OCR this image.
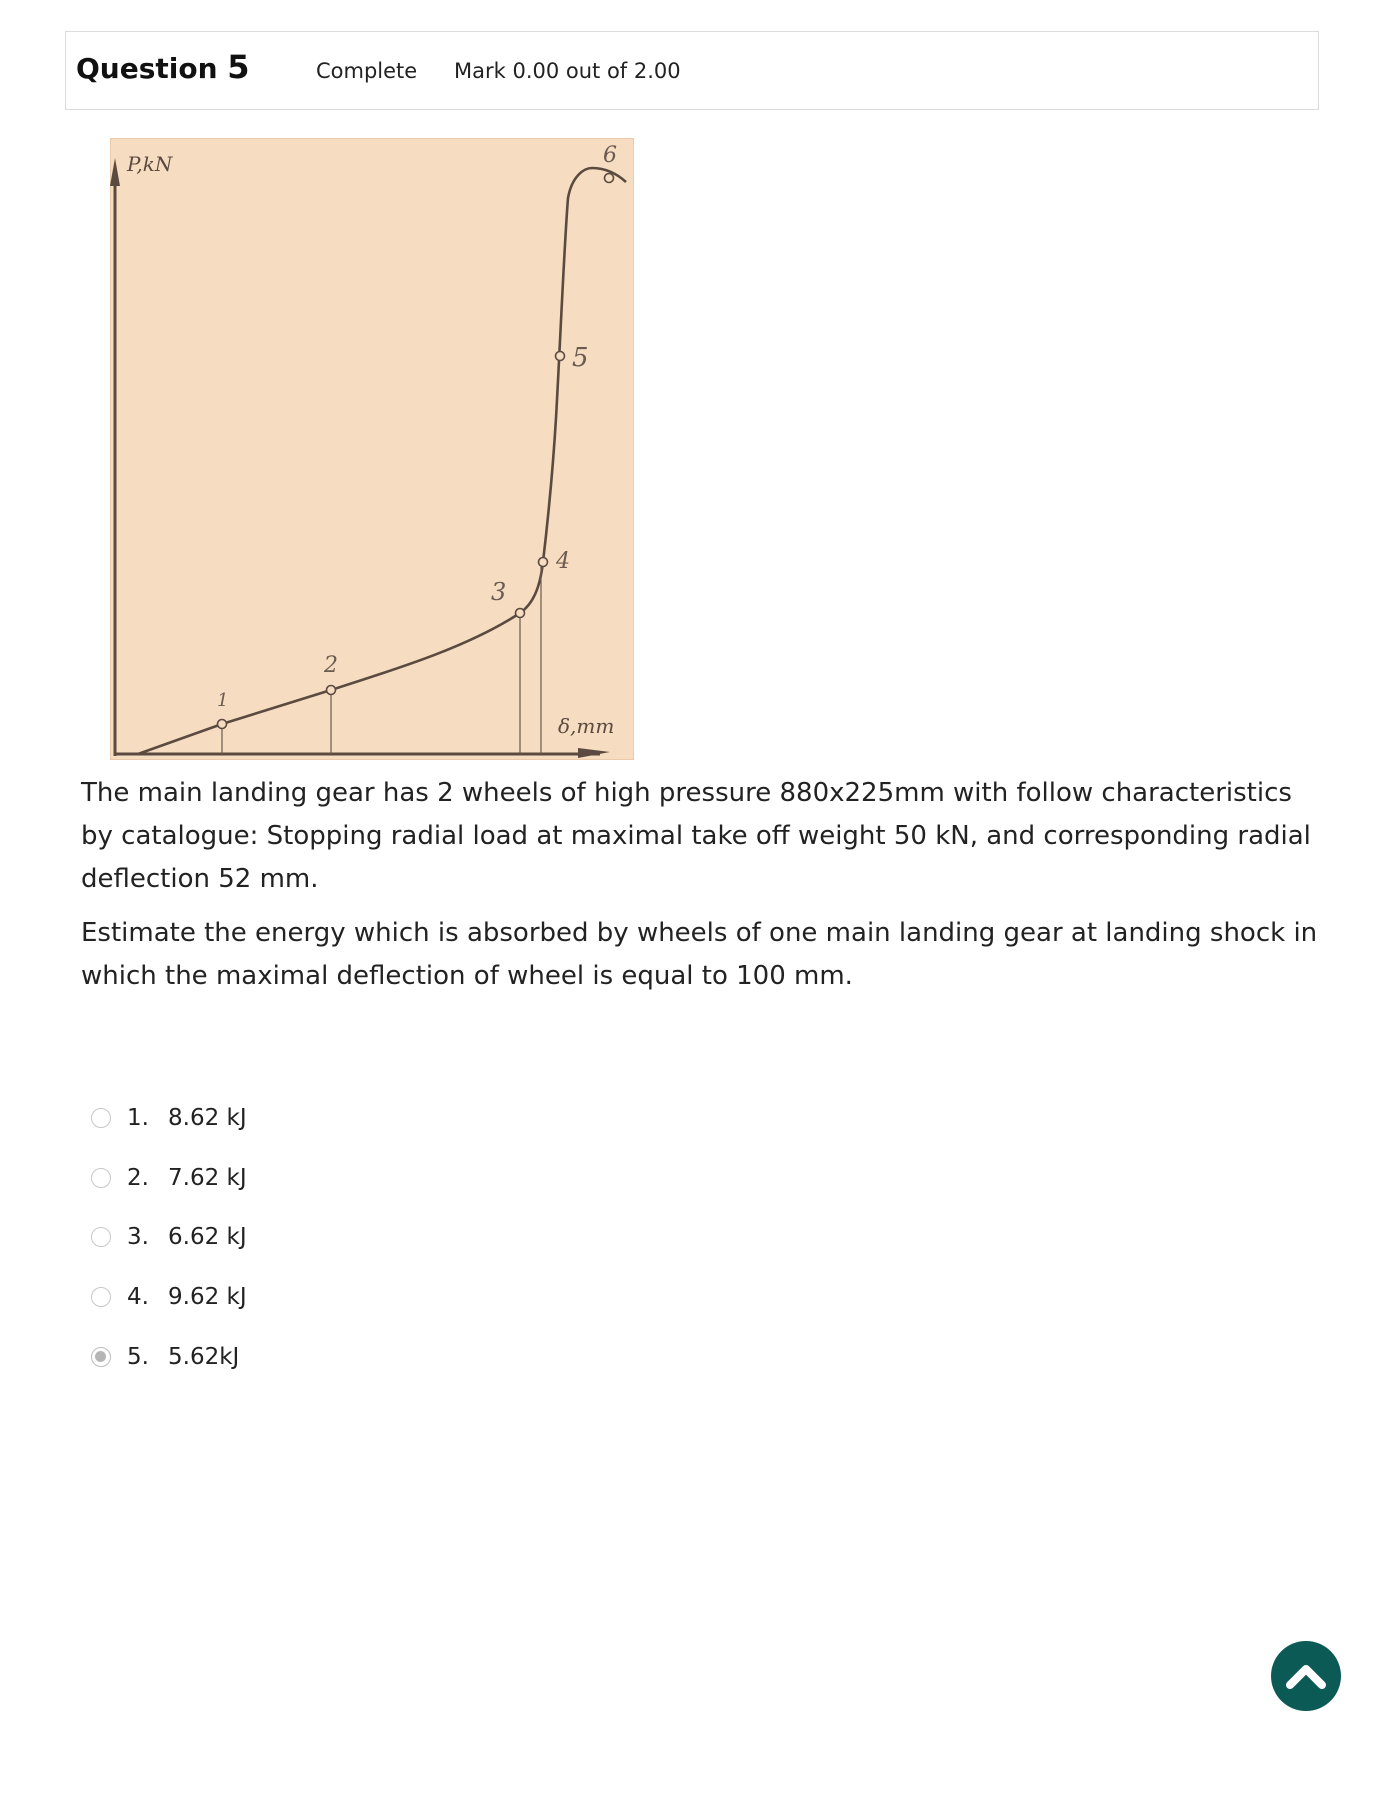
Question 5	Complete Mark 0.00 out of 2.00
P,kN
δ,mm
1
2
3
4
5
6

The main landing gear has 2 wheels of high pressure 880x225mm with follow characteristics by catalogue: Stopping radial load at maximal take off weight 50 kN, and corresponding radial deflection 52 mm.

Estimate the energy which is absorbed by wheels of one main landing gear at landing shock in which the maximal deflection of wheel is equal to 100 mm.

1. 8.62 kJ
2. 7.62 kJ
3. 6.62 kJ
4. 9.62 kJ
5. 5.62kJ
